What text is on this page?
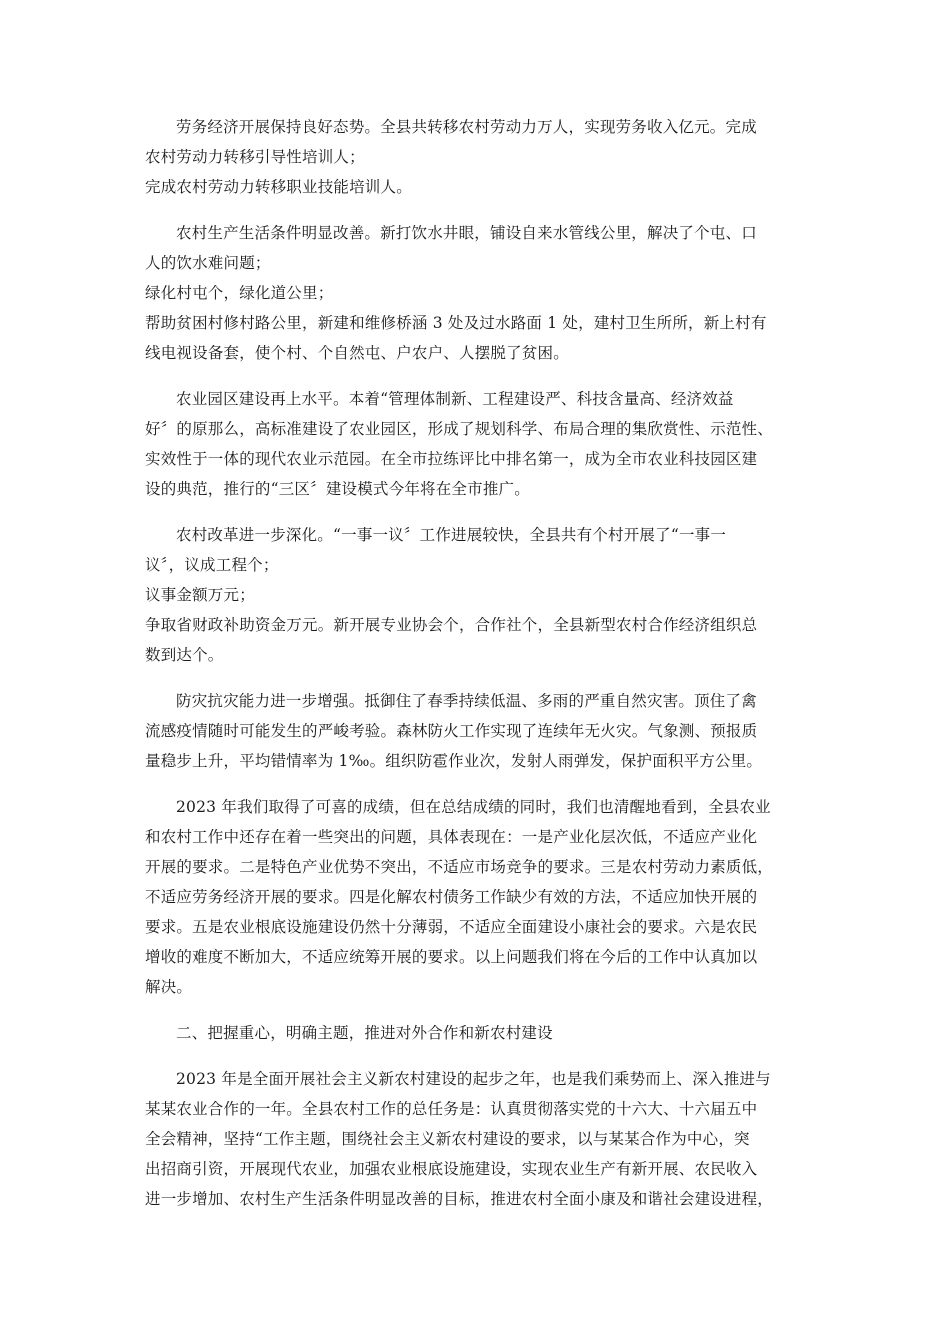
劳务经济开展保持良好态势。全县共转移农村劳动力万人，实现劳务收入亿元。完成
农村劳动力转移引导性培训人；
完成农村劳动力转移职业技能培训人。
农村生产生活条件明显改善。新打饮水井眼，铺设自来水管线公里，解决了个屯、口
人的饮水难问题；
绿化村屯个，绿化道公里；
帮助贫困村修村路公里，新建和维修桥涵 3 处及过水路面 1 处，建村卫生所所，新上村有
线电视设备套，使个村、个自然屯、户农户、人摆脱了贫困。
农业园区建设再上水平。本着“管理体制新、工程建设严、科技含量高、经济效益
好〞的原那么，高标准建设了农业园区，形成了规划科学、布局合理的集欣赏性、示范性、
实效性于一体的现代农业示范园。在全市拉练评比中排名第一，成为全市农业科技园区建
设的典范，推行的“三区〞建设模式今年将在全市推广。
农村改革进一步深化。“一事一议〞工作进展较快，全县共有个村开展了“一事一
议〞，议成工程个；
议事金额万元；
争取省财政补助资金万元。新开展专业协会个，合作社个，全县新型农村合作经济组织总
数到达个。
防灾抗灾能力进一步增强。抵御住了春季持续低温、多雨的严重自然灾害。顶住了禽
流感疫情随时可能发生的严峻考验。森林防火工作实现了连续年无火灾。气象测、预报质
量稳步上升，平均错情率为 1‰。组织防雹作业次，发射人雨弹发，保护面积平方公里。
2023 年我们取得了可喜的成绩，但在总结成绩的同时，我们也清醒地看到，全县农业
和农村工作中还存在着一些突出的问题，具体表现在：一是产业化层次低，不适应产业化
开展的要求。二是特色产业优势不突出，不适应市场竞争的要求。三是农村劳动力素质低，
不适应劳务经济开展的要求。四是化解农村债务工作缺少有效的方法，不适应加快开展的
要求。五是农业根底设施建设仍然十分薄弱，不适应全面建设小康社会的要求。六是农民
增收的难度不断加大，不适应统筹开展的要求。以上问题我们将在今后的工作中认真加以
解决。
二、把握重心，明确主题，推进对外合作和新农村建设
2023 年是全面开展社会主义新农村建设的起步之年，也是我们乘势而上、深入推进与
某某农业合作的一年。全县农村工作的总任务是：认真贯彻落实党的十六大、十六届五中
全会精神，坚持“工作主题，围绕社会主义新农村建设的要求，以与某某合作为中心，突
出招商引资，开展现代农业，加强农业根底设施建设，实现农业生产有新开展、农民收入
进一步增加、农村生产生活条件明显改善的目标，推进农村全面小康及和谐社会建设进程，
